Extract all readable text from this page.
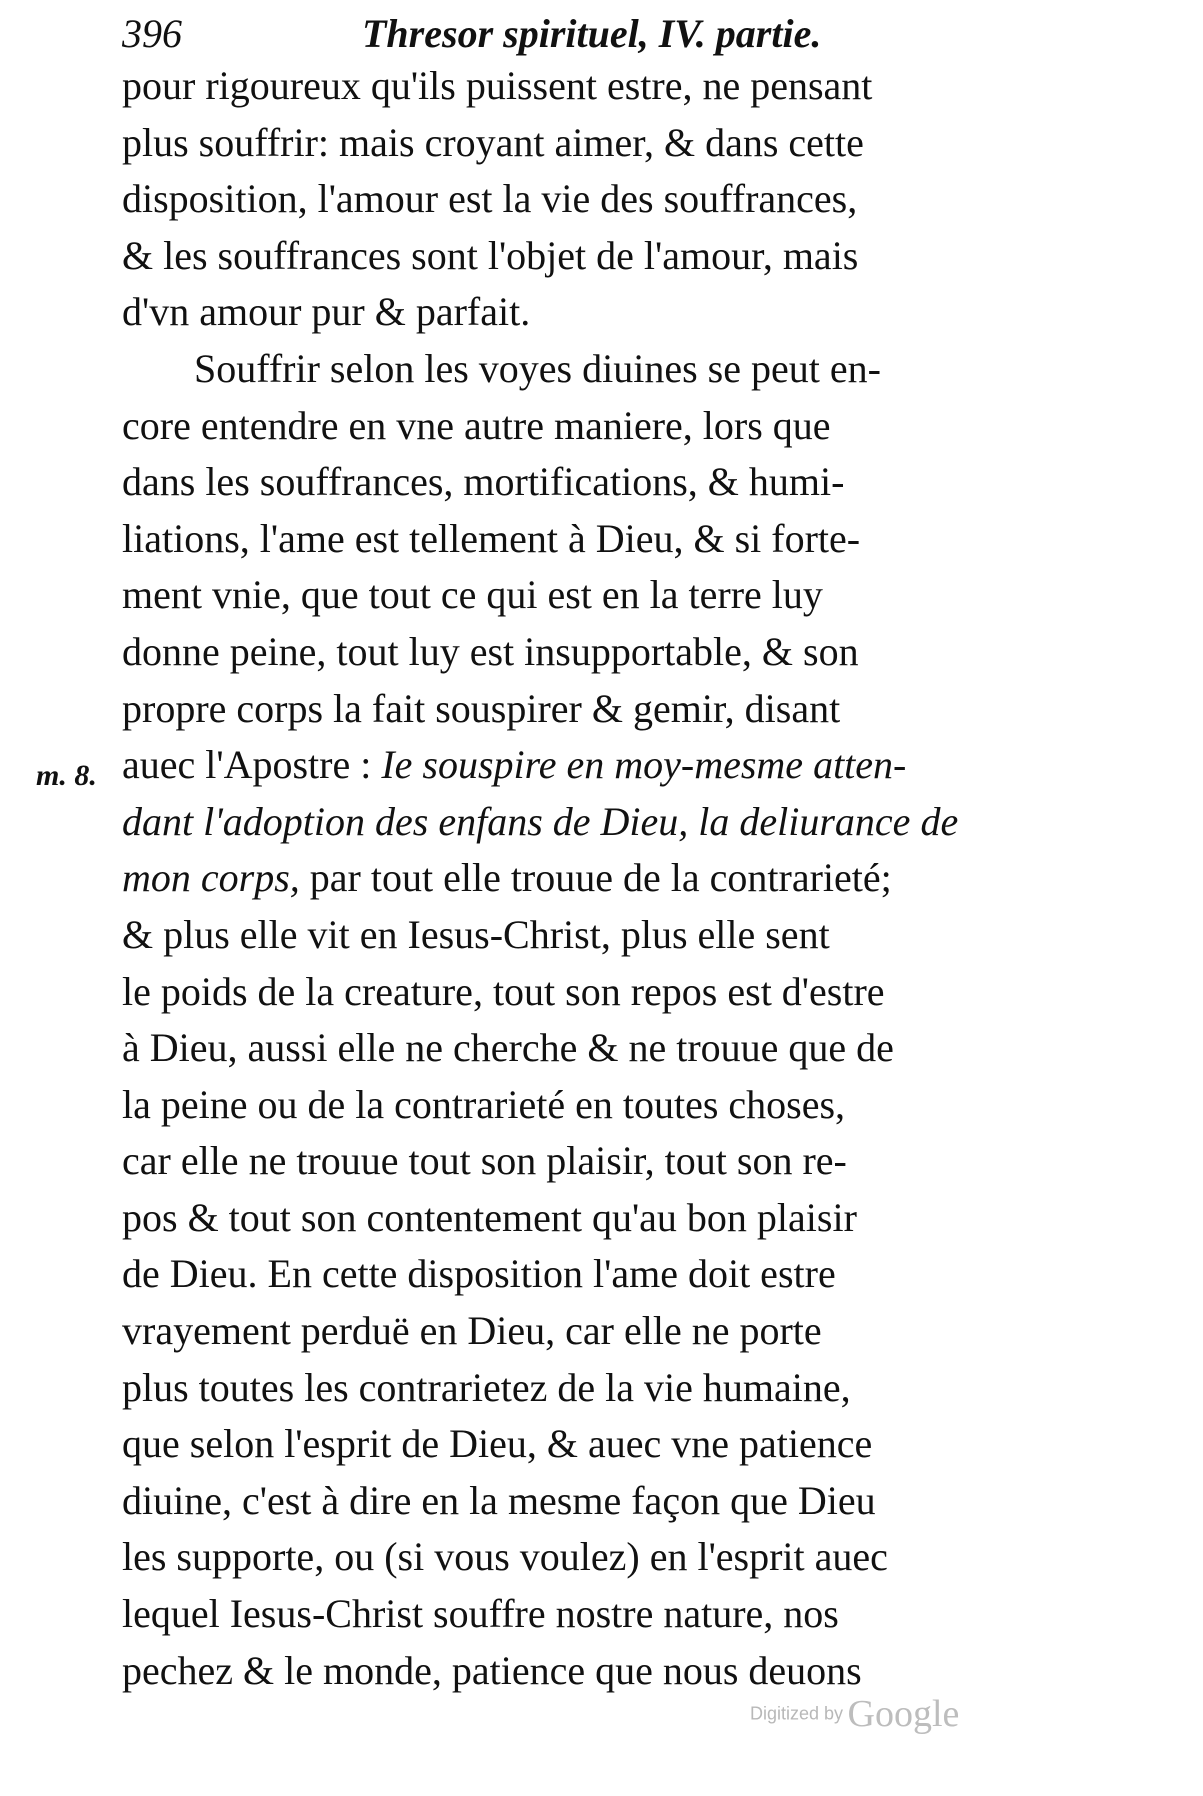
396	Thresor spirituel, IV. partie.
m. 8.
pour rigoureux qu'ils puissent estre, ne pensant
plus souffrir: mais croyant aimer, & dans cette
disposition, l'amour est la vie des souffrances,
& les souffrances sont l'objet de l'amour, mais
d'vn amour pur & parfait.
Souffrir selon les voyes diuines se peut en-
core entendre en vne autre maniere, lors que
dans les souffrances, mortifications, & humi-
liations, l'ame est tellement à Dieu, & si forte-
ment vnie, que tout ce qui est en la terre luy
donne peine, tout luy est insupportable, & son
propre corps la fait souspirer & gemir, disant
auec l'Apostre : Ie souspire en moy-mesme atten-
dant l'adoption des enfans de Dieu, la deliurance de
mon corps, par tout elle trouue de la contrarieté;
& plus elle vit en Iesus-Christ, plus elle sent
le poids de la creature, tout son repos est d'estre
à Dieu, aussi elle ne cherche & ne trouue que de
la peine ou de la contrarieté en toutes choses,
car elle ne trouue tout son plaisir, tout son re-
pos & tout son contentement qu'au bon plaisir
de Dieu. En cette disposition l'ame doit estre
vrayement perduë en Dieu, car elle ne porte
plus toutes les contrarietez de la vie humaine,
que selon l'esprit de Dieu, & auec vne patience
diuine, c'est à dire en la mesme façon que Dieu
les supporte, ou (si vous voulez) en l'esprit auec
lequel Iesus-Christ souffre nostre nature, nos
pechez & le monde, patience que nous deuons
Digitized by Google
